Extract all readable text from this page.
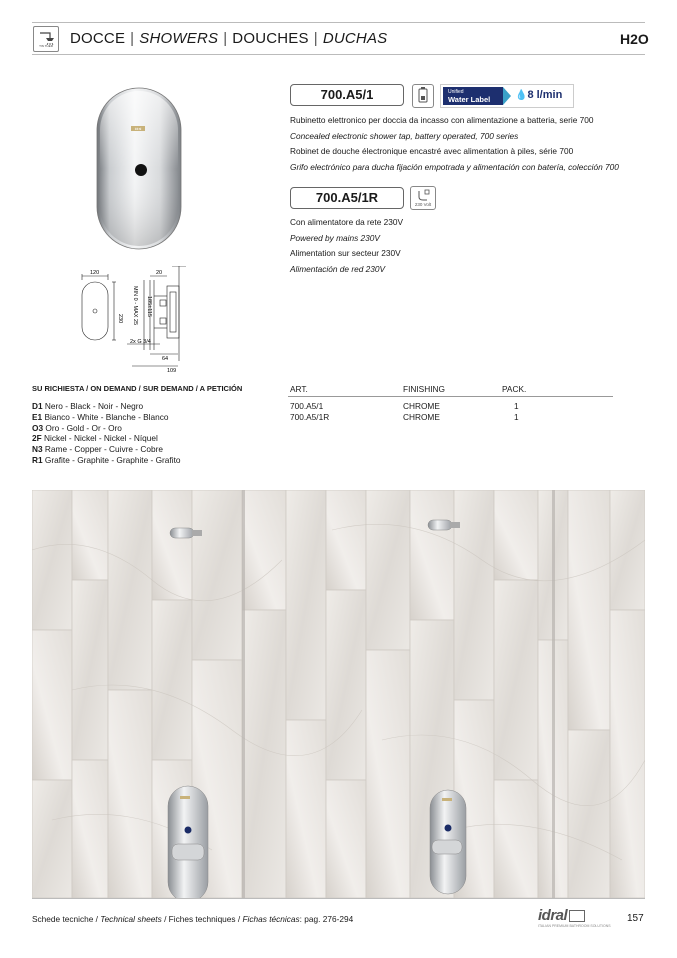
TIN THER	DOCCE | SHOWERS | DOUCHES | DUCHAS	H2O
idral
120
230
20
MIN 0 - MAX 25 185±115
2x G 3/4
64
109
700.A5/1	Unified
Water Label	💧8 l/min
Rubinetto elettronico per doccia da incasso con alimentazione a batteria, serie 700
Concealed electronic shower tap, battery operated, 700 series
Robinet de douche électronique encastré avec alimentation à piles, série 700
Grifo electrónico para ducha fijación empotrada y alimentación con batería, colección 700
700.A5/1R	230 Volt
Con alimentatore da rete 230V
Powered by mains 230V
Alimentation sur secteur 230V
Alimentación de red 230V
SU RICHIESTA / ON DEMAND / SUR DEMAND / A PETICIÓN
D1 Nero - Black - Noir - Negro
E1 Bianco - White - Blanche - Blanco
O3 Oro - Gold - Or - Oro
2F Nickel - Nickel - Nickel - Níquel
N3 Rame - Copper - Cuivre - Cobre
R1 Grafite - Graphite - Graphite - Grafito
ART.	FINISHING	PACK.
700.A5/1	CHROME	1
700.A5/1R	CHROME	1
Schede tecniche / Technical sheets / Fiches techniques / Fichas técnicas: pag. 276-294	idral
ITALIAN PREMIUM BATHROOM SOLUTIONS
157
